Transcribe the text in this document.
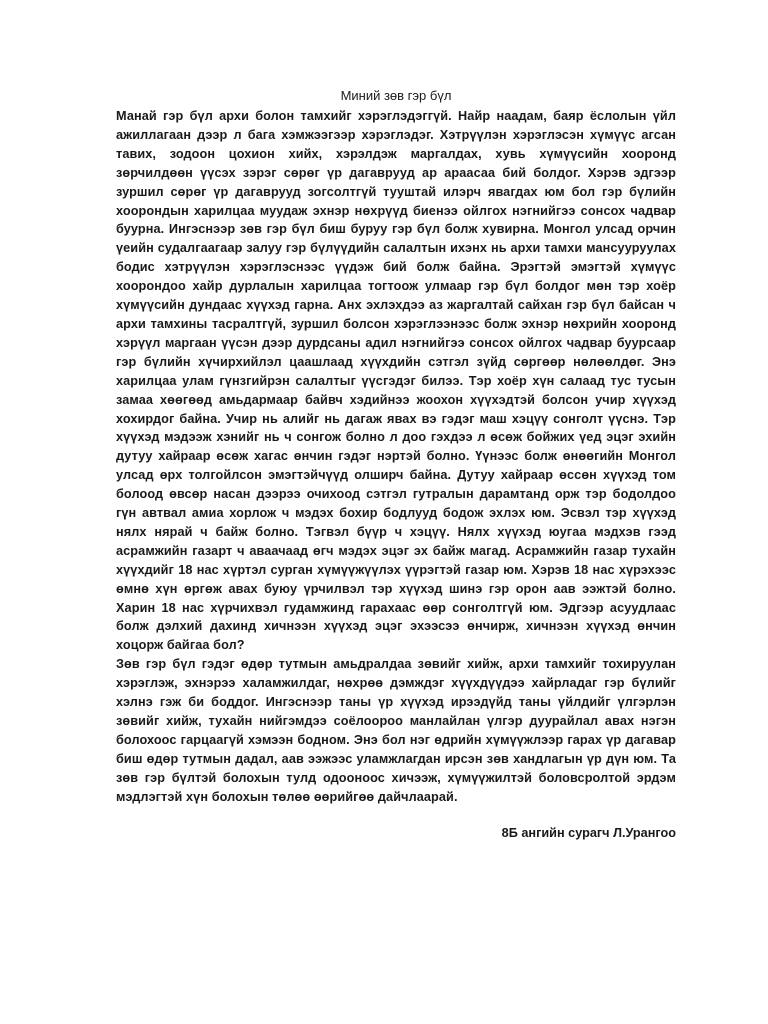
Миний зөв гэр бүл

Манай гэр бүл архи болон тамхийг хэрэглэдэггүй. Найр наадам, баяр ёслолын үйл ажиллагаан дээр л бага хэмжээгээр хэрэглэдэг. Хэтрүүлэн хэрэглэсэн хүмүүс агсан тавих, зодоон цохион хийх, хэрэлдэж маргалдах, хувь хүмүүсийн хооронд зөрчилдөөн үүсэх зэрэг сөрөг үр дагаврууд ар араасаа бий болдог. Хэрэв эдгээр зуршил сөрөг үр дагаврууд зогсолтгүй тууштай илэрч явагдах юм бол гэр бүлийн хоорондын харилцаа муудаж эхнэр нөхрүүд биенээ ойлгох нэгнийгээ сонсох чадвар буурна. Ингэснээр зөв гэр бүл биш буруу гэр бүл болж хувирна. Монгол улсад орчин үеийн судалгаагаар залуу гэр бүлүүдийн салалтын ихэнх нь архи тамхи мансууруулах бодис хэтрүүлэн хэрэглэснээс үүдэж бий болж байна. Эрэгтэй эмэгтэй хүмүүс хоорондоо хайр дурлалын харилцаа тогтоож улмаар гэр бүл болдог мөн тэр хоёр хүмүүсийн дундаас хүүхэд гарна. Анх эхлэхдээ аз жаргалтай сайхан гэр бүл байсан ч архи тамхины тасралтгүй, зуршил болсон хэрэглээнээс болж эхнэр нөхрийн хооронд хэрүүл маргаан үүсэн дээр дурдсаны адил нэгнийгээ сонсох ойлгох чадвар буурсаар гэр бүлийн хүчирхийлэл цаашлаад хүүхдийн сэтгэл зүйд сөргөөр нөлөөлдөг. Энэ харилцаа улам гүнзгийрэн салалтыг үүсгэдэг билээ. Тэр хоёр хүн салаад тус тусын замаа хөөгөөд амьдармаар байвч хэдийнээ жоохон хүүхэдтэй болсон учир хүүхэд хохирдог байна. Учир нь алийг нь дагаж явах вэ гэдэг маш хэцүү сонголт үүснэ. Тэр хүүхэд мэдээж хэнийг нь ч сонгож болно л доо гэхдээ л өсөж бойжих үед эцэг эхийн дутуу хайраар өсөж хагас өнчин гэдэг нэртэй болно. Үүнээс болж өнөөгийн Монгол улсад өрх толгойлсон эмэгтэйчүүд олширч байна. Дутуу хайраар өссөн хүүхэд том болоод өвсөр насан дээрээ очихоод сэтгэл гутралын дарамтанд орж тэр бодолдоо гүн автвал амиа хорлож ч мэдэх бохир бодлууд бодож эхлэх юм. Эсвэл тэр хүүхэд нялх нярай ч байж болно. Тэгвэл бүүр ч хэцүү. Нялх хүүхэд юугаа мэдхэв гээд асрамжийн газарт ч аваачаад өгч мэдэх эцэг эх байж магад. Асрамжийн газар тухайн хүүхдийг 18 нас хүртэл сурган хүмүүжүүлэх үүрэгтэй газар юм. Хэрэв 18 нас хүрэхээс өмнө хүн өргөж авах буюу үрчилвэл тэр хүүхэд шинэ гэр орон аав ээжтэй болно. Харин 18 нас хүрчихвэл гудамжинд гарахаас өөр сонголтгүй юм. Эдгээр асуудлаас болж дэлхий дахинд хичнээн хүүхэд эцэг эхээсээ өнчирж, хичнээн хүүхэд өнчин хоцорж байгаа бол?

Зөв гэр бүл гэдэг өдөр тутмын амьдралдаа зөвийг хийж, архи тамхийг тохируулан хэрэглэж, эхнэрээ халамжилдаг, нөхрөө дэмждэг хүүхдүүдээ хайрладаг гэр бүлийг хэлнэ гэж би боддог. Ингэснээр таны үр хүүхэд ирээдүйд таны үйлдийг үлгэрлэн зөвийг хийж, тухайн нийгэмдээ соёлоороо манлайлан үлгэр дуурайлал авах нэгэн болохоос гарцаагүй хэмээн бодном. Энэ бол нэг өдрийн хүмүүжлээр гарах үр дагавар биш өдөр тутмын дадал, аав ээжээс уламжлагдан ирсэн зөв хандлагын үр дүн юм. Та зөв гэр бүлтэй болохын тулд одооноос хичээж, хүмүүжилтэй боловсролтой эрдэм мэдлэгтэй хүн болохын төлөө өөрийгөө дайчлаарай.

8Б ангийн сурагч Л.Урангоо
